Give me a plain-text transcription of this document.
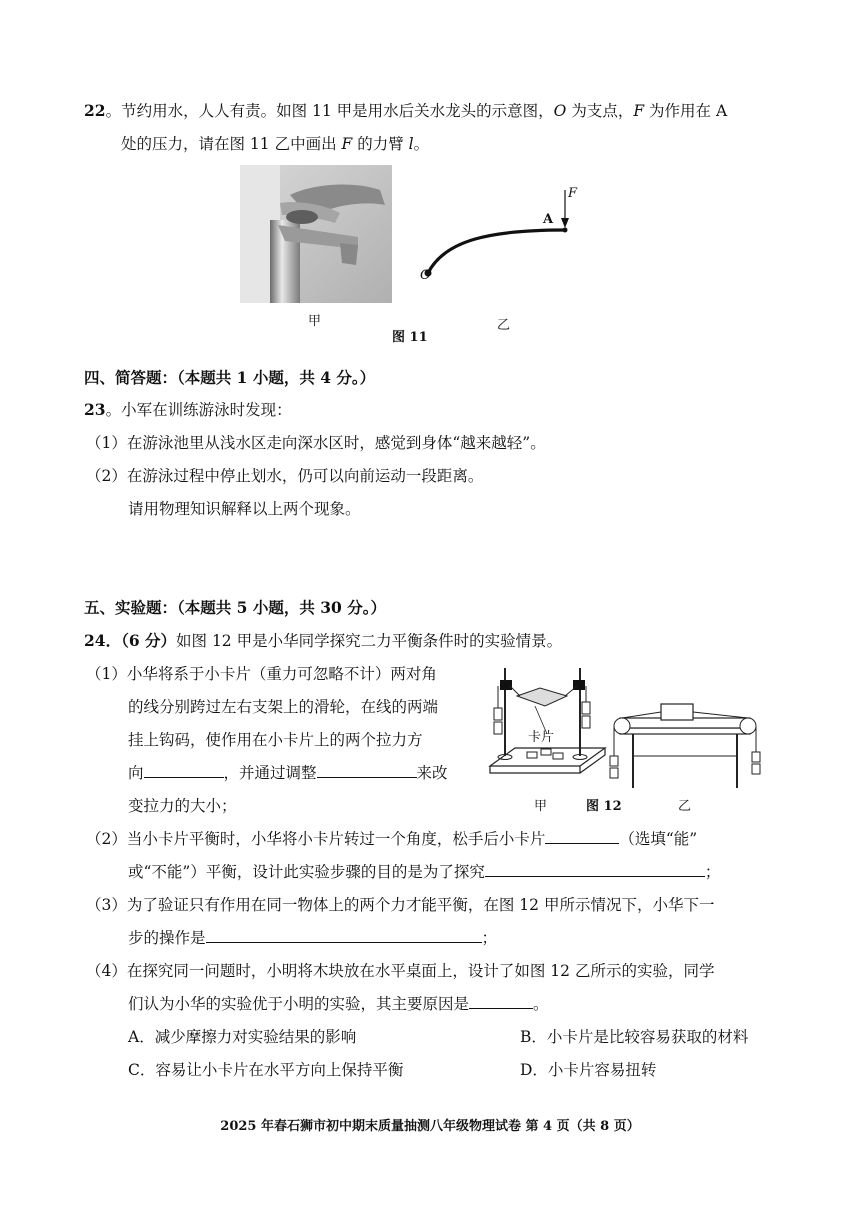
22。节约用水，人人有责。如图 11 甲是用水后关水龙头的示意图，O 为支点，F 为作用在 A
处的压力，请在图 11 乙中画出 F 的力臂 l。
F
A
O
甲	乙
图 11
四、简答题：（本题共 1 小题，共 4 分。）
23。小军在训练游泳时发现：
（1）在游泳池里从浅水区走向深水区时，感觉到身体“越来越轻”。
（2）在游泳过程中停止划水，仍可以向前运动一段距离。
请用物理知识解释以上两个现象。
五、实验题：（本题共 5 小题，共 30 分。）
24．（6 分）如图 12 甲是小华同学探究二力平衡条件时的实验情景。
（1）小华将系于小卡片（重力可忽略不计）两对角
的线分别跨过左右支架上的滑轮，在线的两端
挂上钩码，使作用在小卡片上的两个拉力方
向	，并通过调整	来改
变拉力的大小；
卡片
甲	图 12	乙
（2）当小卡片平衡时，小华将小卡片转过一个角度，松手后小卡片	（选填“能”
或“不能”）平衡，设计此实验步骤的目的是为了探究	；
（3）为了验证只有作用在同一物体上的两个力才能平衡，在图 12 甲所示情况下，小华下一
步的操作是	；
（4）在探究同一问题时，小明将木块放在水平桌面上，设计了如图 12 乙所示的实验，同学
们认为小华的实验优于小明的实验，其主要原因是	。
A．减少摩擦力对实验结果的影响	B．小卡片是比较容易获取的材料
C．容易让小卡片在水平方向上保持平衡	D．小卡片容易扭转
2025 年春石狮市初中期末质量抽测八年级物理试卷 第 4 页（共 8 页）
